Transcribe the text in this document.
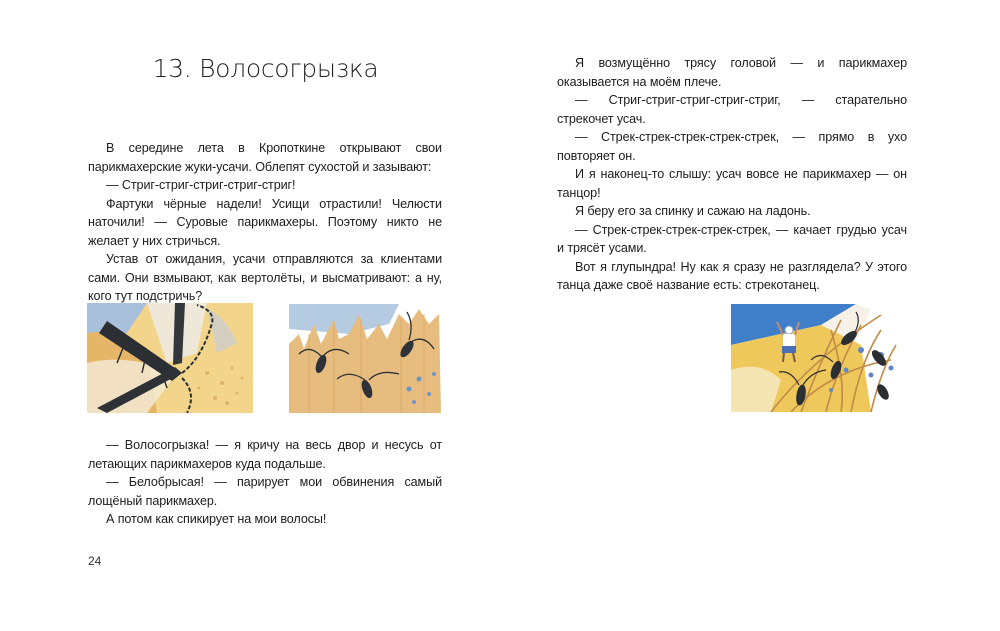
13. Волосогрызка

В середине лета в Кропоткине открывают свои парикмахерские жуки-усачи. Облепят сухостой и зазывают:

— Стриг-стриг-стриг-стриг-стриг!

Фартуки чёрные надели! Усищи отрастили! Челюсти наточили! — Суровые парикмахеры. Поэтому никто не желает у них стричься.

Устав от ожидания, усачи отправляются за клиентами сами. Они взмывают, как вертолёты, и высматривают: а ну, кого тут подстричь?

— Волосогрызка! — я кричу на весь двор и несусь от летающих парикмахеров куда подальше.

— Белобрысая! — парирует мои обвинения самый лощёный парикмахер.

А потом как спикирует на мои волосы!

24

Я возмущённо трясу головой — и парикмахер оказывается на моём плече.

— Стриг-стриг-стриг-стриг-стриг, — старательно стрекочет усач.

— Стрек-стрек-стрек-стрек-стрек, — прямо в ухо повторяет он.

И я наконец-то слышу: усач вовсе не парикмахер — он танцор!

Я беру его за спинку и сажаю на ладонь.

— Стрек-стрек-стрек-стрек-стрек, — качает грудью усач и трясёт усами.

Вот я глупындра! Ну как я сразу не разглядела? У этого танца даже своё название есть: стрекотанец.
